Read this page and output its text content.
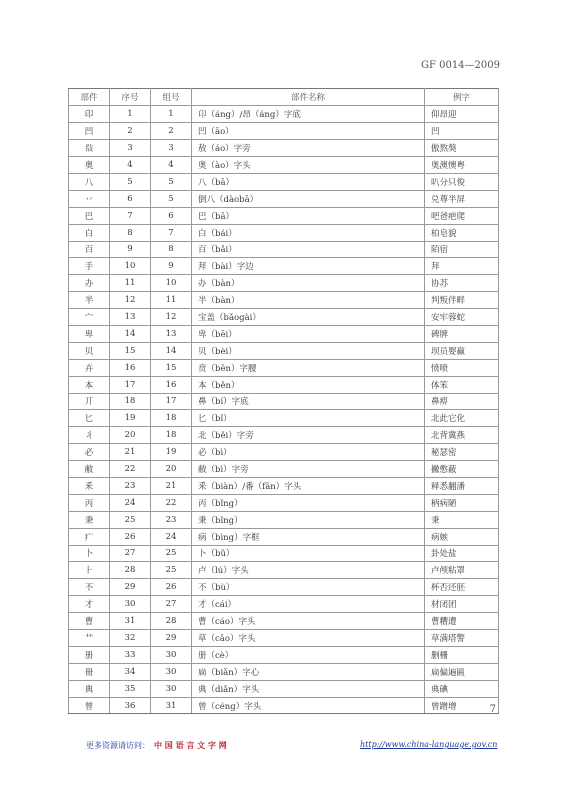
GF 0014—2009
部件	序号	组号	部件名称	例字
印	1	1	卬（áng）/昂（áng）字底	仰昂迎
凹	2	2	凹（āo）	凹
𢻇	3	3	敖（áo）字旁	傲熬獒
奥	4	4	奥（ào）字头	奥澳懊粤
八	5	5	八（bā）	叭分只俊
丷	6	5	倒八（dàobā）	兑尊半屏
巴	7	6	巴（bā）	吧爸疤爬
白	8	7	白（bái）	柏皂貌
百	9	8	百（bǎi）	陌宿
手	10	9	拜（bài）字边	拜
办	11	10	办（bàn）	协苏
半	12	11	半（bàn）	判叛伴畔
宀	13	12	宝盖（bǎogài）	安牢蓉蛇
卑	14	13	卑（bēi）	碑牌
贝	15	14	贝（bèi）	坝员婴赢
卉	16	15	贲（bēn）字腰	愤喷
本	17	16	本（běn）	体笨
丌	18	17	鼻（bí）字底	鼻痹
匕	19	18	匕（bǐ）	北此它化
丬	20	18	北（běi）字旁	北背冀燕
必	21	19	必（bì）	秘瑟密
敝	22	20	敝（bì）字旁	撇憋蔽
釆	23	21	釆（biàn）/番（fān）字头	释悉翻潘
丙	24	22	丙（bǐng）	柄病陋
秉	25	23	秉（bǐng）	秉
疒	26	24	病（bìng）字框	病嫉
卜	27	25	卜（bǔ）	卦处盐
⺊	28	25	卢（lú）字头	卢颅粘罩
不	29	26	不（bù）	杯否还胚
才	30	27	才（cái）	材闭团
曹	31	28	曹（cáo）字头	曹糟遭
艹	32	29	草（cǎo）字头	草满塔警
册	33	30	册（cè）	删栅
冊	34	30	扁（biǎn）字心	扁偏遍匾
典	35	30	典（diǎn）字头	典碘
曾	36	31	曾（céng）字头	曾蹭增	7
更多资源请访问： 中 国 语 言 文 字 网	http://www.china-language.gov.cn
